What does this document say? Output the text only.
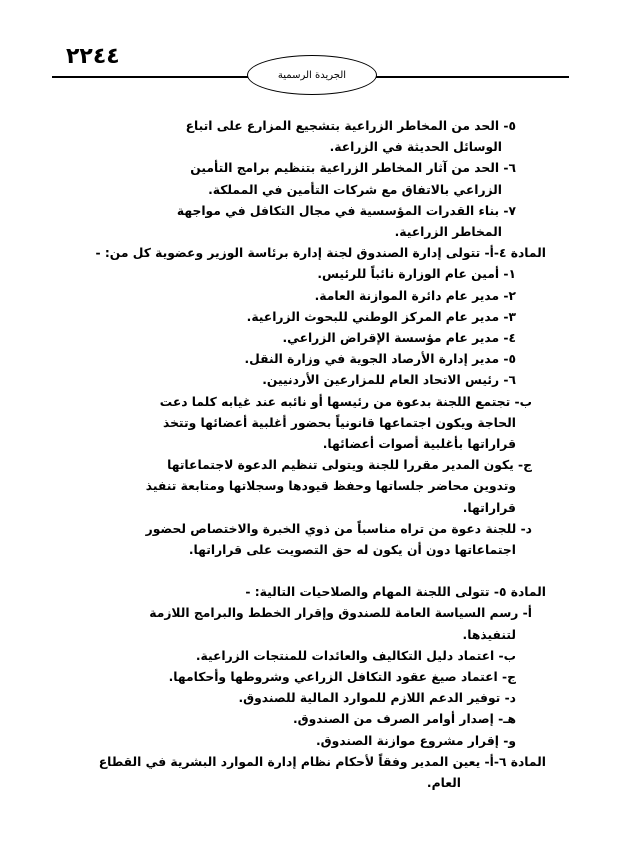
٢٢٤٤
الجريدة الرسمية
٥- الحد من المخاطر الزراعية بتشجيع المزارع على اتباع
الوسائل الحديثة في الزراعة.
٦- الحد من آثار المخاطر الزراعية بتنظيم برامج التأمين
الزراعي بالاتفاق مع شركات التأمين في المملكة.
٧- بناء القدرات المؤسسية في مجال التكافل في مواجهة
المخاطر الزراعية.
المادة ٤-أ- تتولى إدارة الصندوق لجنة إدارة برئاسة الوزير وعضوية كل من: -
١- أمين عام الوزارة نائباً للرئيس.
٢- مدير عام دائرة الموازنة العامة.
٣- مدير عام المركز الوطني للبحوث الزراعية.
٤- مدير عام مؤسسة الإقراض الزراعي.
٥- مدير إدارة الأرصاد الجوية في وزارة النقل.
٦- رئيس الاتحاد العام للمزارعين الأردنيين.
ب- تجتمع اللجنة بدعوة من رئيسها أو نائبه عند غيابه كلما دعت
الحاجة ويكون اجتماعها قانونياً بحضور أغلبية أعضائها وتتخذ
قراراتها بأغلبية أصوات أعضائها.
ج- يكون المدير مقررا للجنة ويتولى تنظيم الدعوة لاجتماعاتها
وتدوين محاضر جلساتها وحفظ قيودها وسجلاتها ومتابعة تنفيذ
قراراتها.
د- للجنة دعوة من تراه مناسباً من ذوي الخبرة والاختصاص لحضور
اجتماعاتها دون أن يكون له حق التصويت على قراراتها.
المادة ٥- تتولى اللجنة المهام والصلاحيات التالية: -
أ- رسم السياسة العامة للصندوق وإقرار الخطط والبرامج اللازمة
لتنفيذها.
ب- اعتماد دليل التكاليف والعائدات للمنتجات الزراعية.
ج- اعتماد صيغ عقود التكافل الزراعي وشروطها وأحكامها.
د- توفير الدعم اللازم للموارد المالية للصندوق.
هـ- إصدار أوامر الصرف من الصندوق.
و- إقرار مشروع موازنة الصندوق.
المادة ٦-أ- يعين المدير وفقاً لأحكام نظام إدارة الموارد البشرية في القطاع
العام.
